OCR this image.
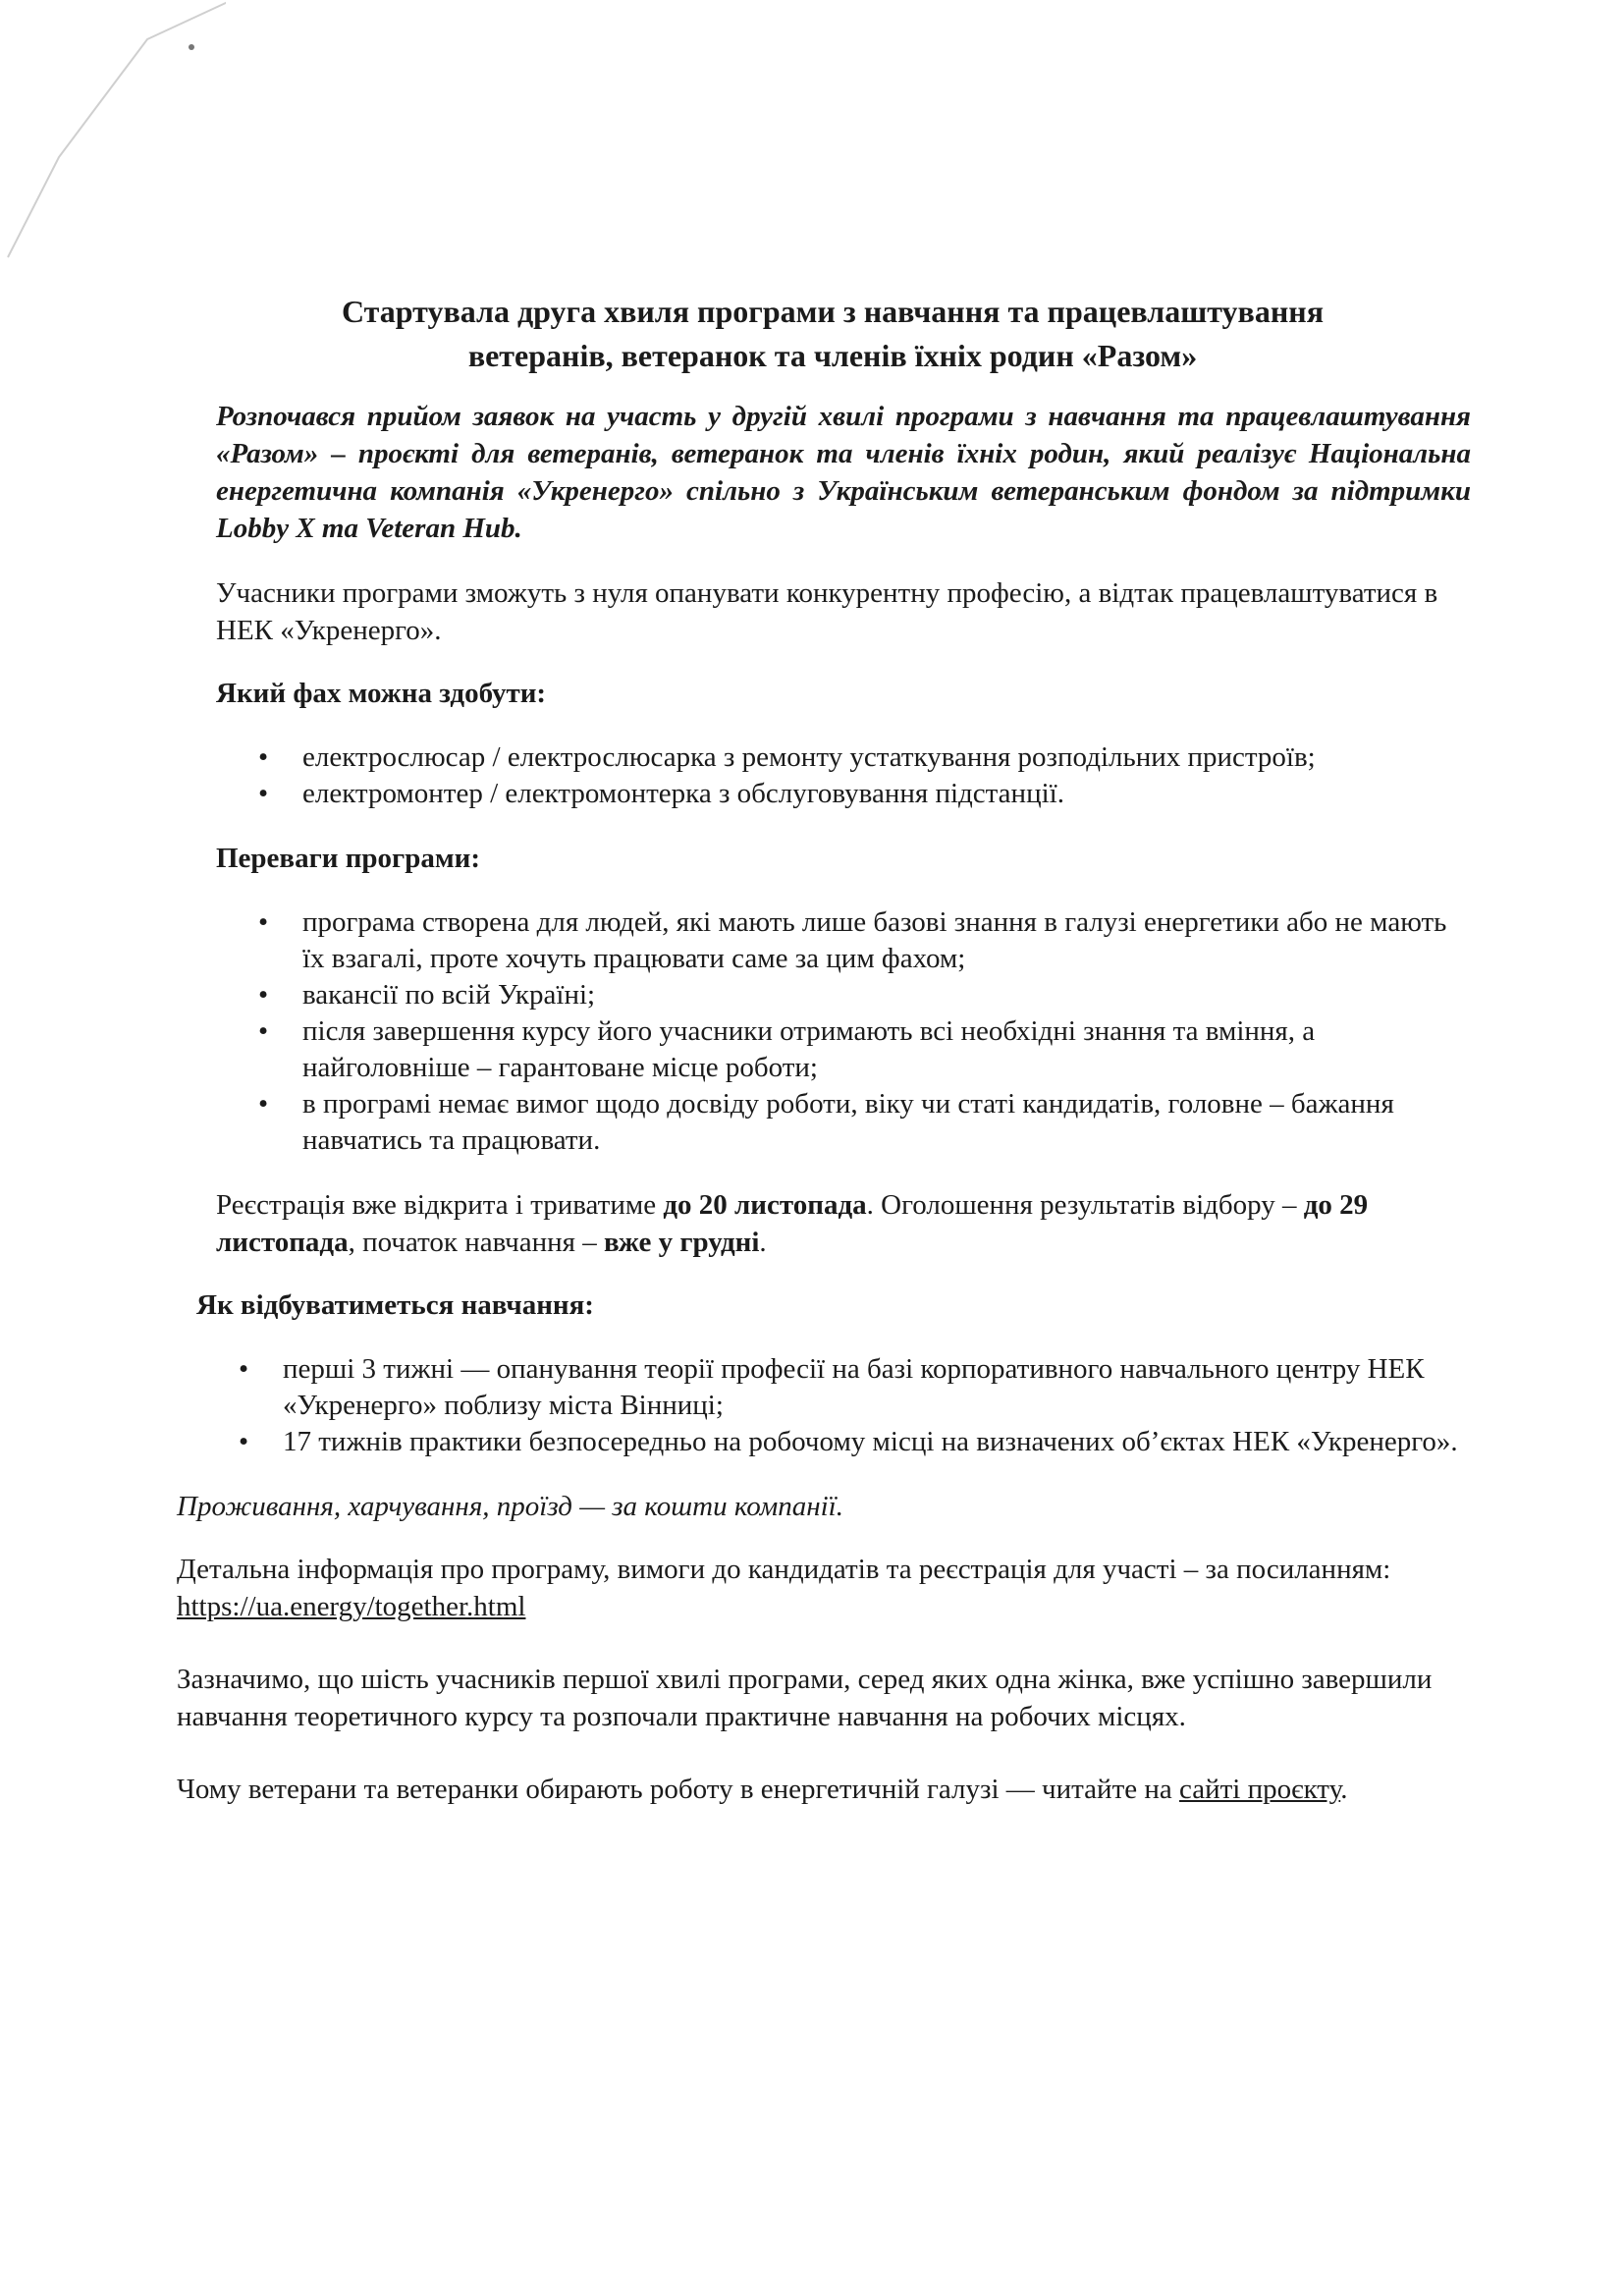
Стартувала друга хвиля програми з навчання та працевлаштування
ветеранів, ветеранок та членів їхніх родин «Разом»

Розпочався прийом заявок на участь у другій хвилі програми з навчання та працевлаштування «Разом» – проєкті для ветеранів, ветеранок та членів їхніх родин, який реалізує Національна енергетична компанія «Укренерго» спільно з Українським ветеранським фондом за підтримки Lobby X та Veteran Hub.

Учасники програми зможуть з нуля опанувати конкурентну професію, а відтак працевлаштуватися в НЕК «Укренерго».

Який фах можна здобути:

• електрослюсар / електрослюсарка з ремонту устаткування розподільних пристроїв;
• електромонтер / електромонтерка з обслуговування підстанції.

Переваги програми:

• програма створена для людей, які мають лише базові знання в галузі енергетики або не мають їх взагалі, проте хочуть працювати саме за цим фахом;
• вакансії по всій Україні;
• після завершення курсу його учасники отримають всі необхідні знання та вміння, а найголовніше – гарантоване місце роботи;
• в програмі немає вимог щодо досвіду роботи, віку чи статі кандидатів, головне – бажання навчатись та працювати.

Реєстрація вже відкрита і триватиме до 20 листопада. Оголошення результатів відбору – до 29 листопада, початок навчання – вже у грудні.

Як відбуватиметься навчання:

• перші 3 тижні — опанування теорії професії на базі корпоративного навчального центру НЕК «Укренерго» поблизу міста Вінниці;
• 17 тижнів практики безпосередньо на робочому місці на визначених об’єктах НЕК «Укренерго».

Проживання, харчування, проїзд — за кошти компанії.

Детальна інформація про програму, вимоги до кандидатів та реєстрація для участі – за посиланням: https://ua.energy/together.html

Зазначимо, що шість учасників першої хвилі програми, серед яких одна жінка, вже успішно завершили навчання теоретичного курсу та розпочали практичне навчання на робочих місцях.

Чому ветерани та ветеранки обирають роботу в енергетичній галузі — читайте на сайті проєкту.
